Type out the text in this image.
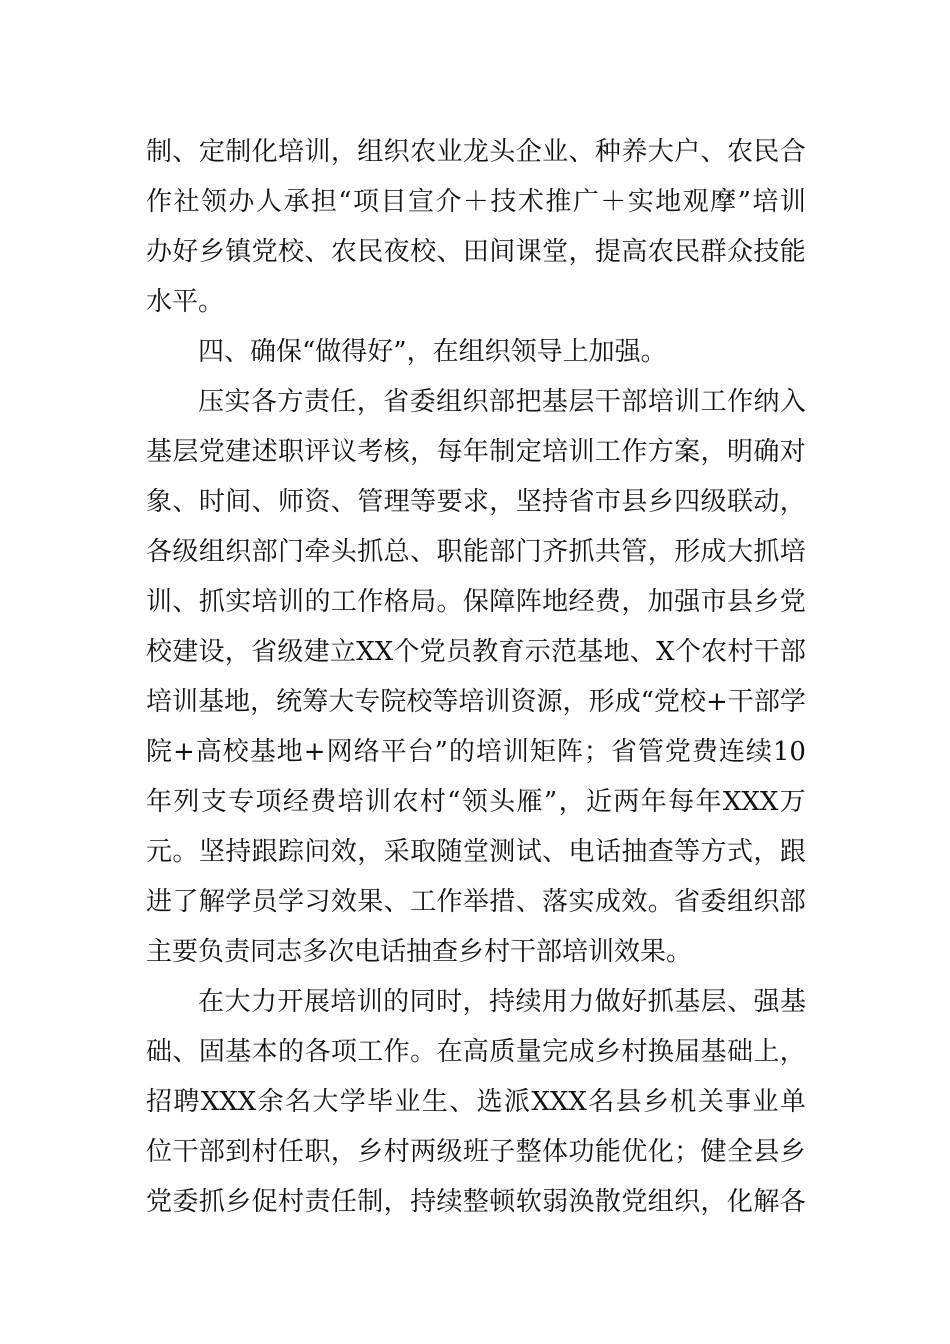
制 、 定 制 化 培 训 ， 组 织 农 业 龙 头 企 业 、 种 养 大 户 、 农 民 合
作 社 领 办 人 承 担 “ 项 目 宣 介 ＋ 技 术 推 广 ＋ 实 地 观 摩 ” 培 训
办 好 乡 镇 党 校 、 农 民 夜 校 、 田 间 课 堂 ， 提 高 农 民 群 众 技 能
水平。
四、确保“做得好”，在组织领导上加强。
压 实 各 方 责 任 ， 省 委 组 织 部 把 基 层 干 部 培 训 工 作 纳 入
基 层 党 建 述 职 评 议 考 核 ， 每 年 制 定 培 训 工 作 方 案 ， 明 确 对
象 、 时 间 、 师 资 、 管 理 等 要 求 ， 坚 持 省 市 县 乡 四 级 联 动 ，
各 级 组 织 部 门 牵 头 抓 总 、 职 能 部 门 齐 抓 共 管 ， 形 成 大 抓 培
训 、 抓 实 培 训 的 工 作 格 局 。 保 障 阵 地 经 费 ， 加 强 市 县 乡 党
校 建 设 ， 省 级 建 立 XX 个 党 员 教 育 示 范 基 地 、 X 个 农 村 干 部
培 训 基 地 ， 统 筹 大 专 院 校 等 培 训 资 源 ， 形 成 “ 党 校 + 干 部 学
院 + 高 校 基 地 + 网 络 平 台 ” 的 培 训 矩 阵 ； 省 管 党 费 连 续 10
年 列 支 专 项 经 费 培 训 农 村 “ 领 头 雁 ” ， 近 两 年 每 年 XXX 万
元 。 坚 持 跟 踪 问 效 ， 采 取 随 堂 测 试 、 电 话 抽 查 等 方 式 ， 跟
进 了 解 学 员 学 习 效 果 、 工 作 举 措 、 落 实 成 效 。 省 委 组 织 部
主要负责同志多次电话抽查乡村干部培训效果。
在 大 力 开 展 培 训 的 同 时 ， 持 续 用 力 做 好 抓 基 层 、 强 基
础 、 固 基 本 的 各 项 工 作 。 在 高 质 量 完 成 乡 村 换 届 基 础 上 ，
招 聘 XXX 余 名 大 学 毕 业 生 、 选 派 XXX 名 县 乡 机 关 事 业 单
位 干 部 到 村 任 职 ， 乡 村 两 级 班 子 整 体 功 能 优 化 ； 健 全 县 乡
党 委 抓 乡 促 村 责 任 制 ， 持 续 整 顿 软 弱 涣 散 党 组 织 ， 化 解 各
